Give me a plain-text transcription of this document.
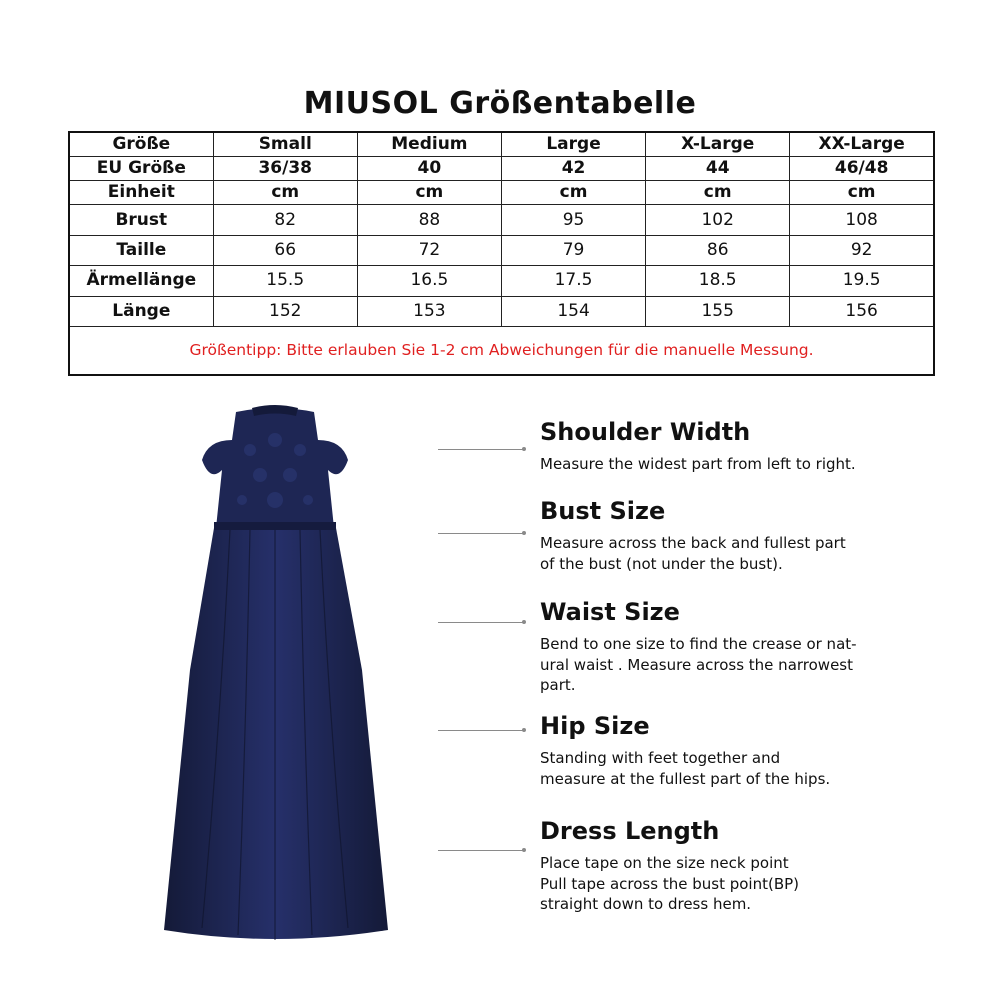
MIUSOL Größentabelle
Größe	Small	Medium	Large	X-Large	XX-Large
EU Größe	36/38	40	42	44	46/48
Einheit	cm	cm	cm	cm	cm
Brust	82	88	95	102	108
Taille	66	72	79	86	92
Ärmellänge	15.5	16.5	17.5	18.5	19.5
Länge	152	153	154	155	156
Größentipp: Bitte erlauben Sie 1-2 cm Abweichungen für die manuelle Messung.					
Shoulder Width
Measure the widest part from left to right.
Bust Size
Measure across the back and fullest part
of the bust (not under the bust).
Waist Size
Bend to one size to find the crease or nat-
ural waist . Measure across the narrowest
part.
Hip Size
Standing with feet together and
measure at the fullest part of the hips.
Dress Length
Place tape on the size neck point
Pull tape across the bust point(BP)
straight down to dress hem.
